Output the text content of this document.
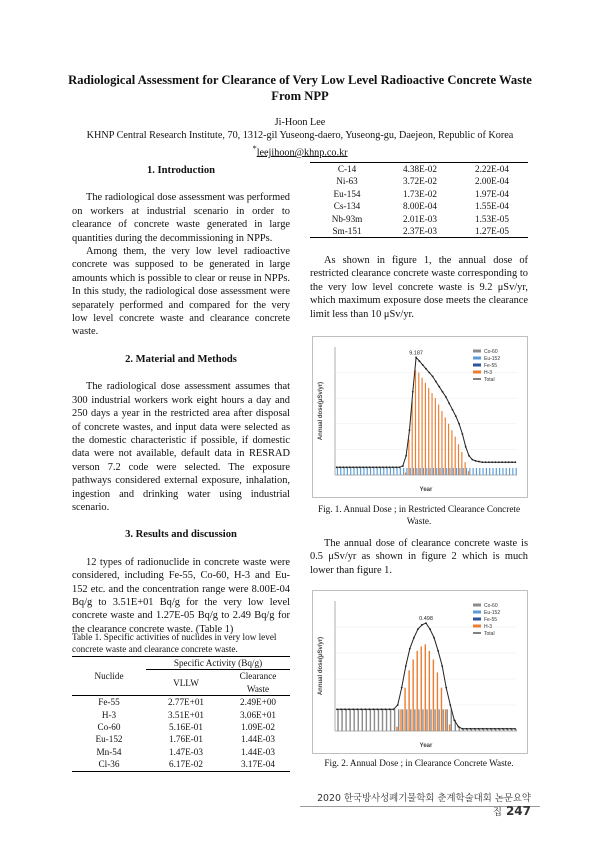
Radiological Assessment for Clearance of Very Low Level Radioactive Concrete Waste From NPP
Ji-Hoon Lee
KHNP Central Research Institute, 70, 1312-gil Yuseong-daero, Yuseong-gu, Daejeon, Republic of Korea
*leejihoon@khnp.co.kr
1. Introduction

The radiological dose assessment was performed on workers at industrial scenario in order to clearance of concrete waste generated in large quantities during the decommissioning in NPPs.

Among them, the very low level radioactive concrete was supposed to be generated in large amounts which is possible to clear or reuse in NPPs. In this study, the radiological dose assessment were separately performed and compared for the very low level concrete waste and clearance concrete waste.

2. Material and Methods

The radiological dose assessment assumes that 300 industrial workers work eight hours a day and 250 days a year in the restricted area after disposal of concrete wastes, and input data were selected as the domestic characteristic if possible, if domestic data were not available, default data in RESRAD verson 7.2 code were selected. The exposure pathways considered external exposure, inhalation, ingestion and drinking water using industrial scenario.

3. Results and discussion

12 types of radionuclide in concrete waste were considered, including Fe-55, Co-60, H-3 and Eu-152 etc. and the concentration range were 8.00E-04 Bq/g to 3.51E+01 Bq/g for the very low level concrete waste and 1.27E-05 Bq/g to 2.49 Bq/g for the clearance concrete waste. (Table 1)

Table 1. Specific activities of nuclides in very low level concrete waste and clearance concrete waste.
Nuclide	Specific Activity (Bq/g)	
	VLLW	Clearance Waste
Fe-55	2.77E+01	2.49E+00
H-3	3.51E+01	3.06E+01
Co-60	5.16E-01	1.09E-02
Eu-152	1.76E-01	1.44E-03
Mn-54	1.47E-03	1.44E-03
Cl-36	6.17E-02	3.17E-04
C-14	4.38E-02	2.22E-04
Ni-63	3.72E-02	2.00E-04
Eu-154	1.73E-02	1.97E-04
Cs-134	8.00E-04	1.55E-04
Nb-93m	2.01E-03	1.53E-05
Sm-151	2.37E-03	1.27E-05

As shown in figure 1, the annual dose of restricted clearance concrete waste corresponding to the very low level concrete waste is 9.2 μSv/yr, which maximum exposure dose meets the clearance limit less than 10 μSv/yr.

9.187
Annual dose(μSv/yr)
Year
Co-60
Eu-152
Fe-55
H-3
Total
Fig. 1. Annual Dose ; in Restricted Clearance Concrete Waste.

The annual dose of clearance concrete waste is 0.5 μSv/yr as shown in figure 2 which is much lower than figure 1.

0.498
Annual dose(μSv/yr)
Year
Co-60
Eu-152
Fe-55
H-3
Total
Fig. 2. Annual Dose ; in Clearance Concrete Waste.
2020 한국방사성폐기물학회 춘계학술대회 논문요약집 247
